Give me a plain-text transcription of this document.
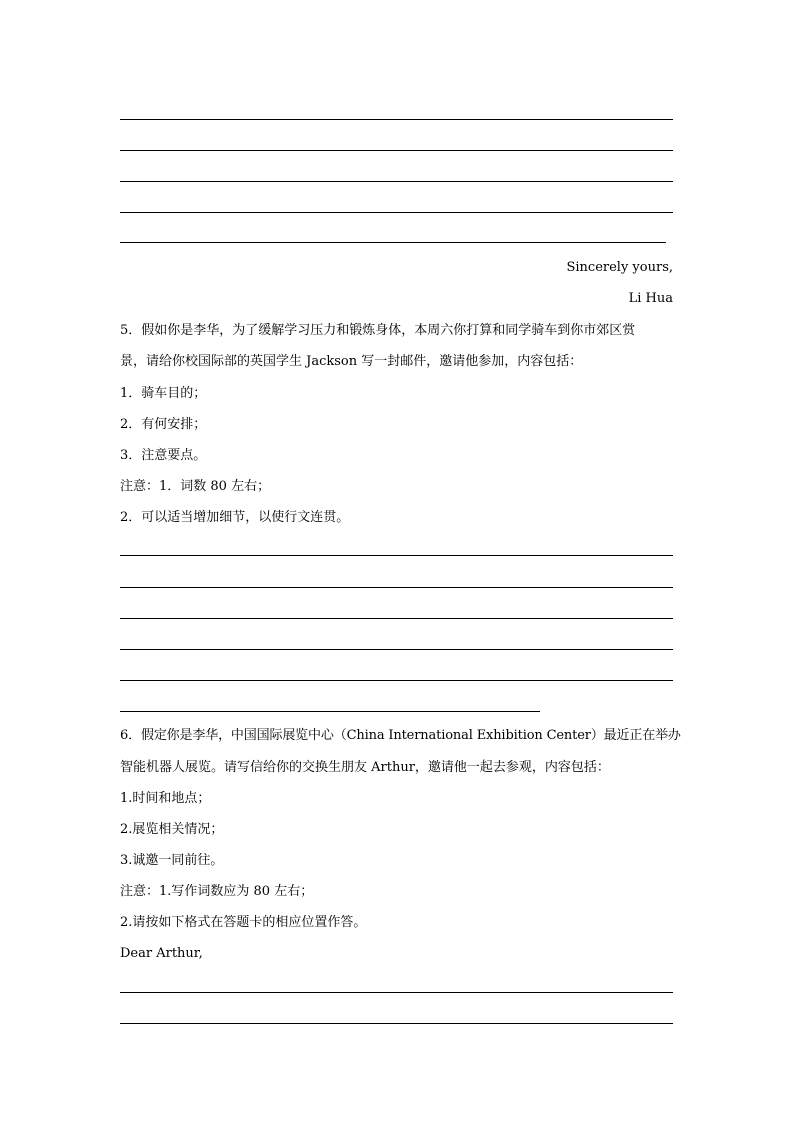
Sincerely yours,
Li Hua
5．假如你是李华，为了缓解学习压力和锻炼身体，本周六你打算和同学骑车到你市郊区赏
景，请给你校国际部的英国学生 Jackson 写一封邮件，邀请他参加，内容包括：
1．骑车目的；
2．有何安排；
3．注意要点。
注意：1．词数 80 左右；
2．可以适当增加细节，以使行文连贯。
6．假定你是李华，中国国际展览中心（China International Exhibition Center）最近正在举办
智能机器人展览。请写信给你的交换生朋友 Arthur，邀请他一起去参观，内容包括：
1.时间和地点；
2.展览相关情况；
3.诚邀一同前往。
注意：1.写作词数应为 80 左右；
2.请按如下格式在答题卡的相应位置作答。
Dear Arthur,
